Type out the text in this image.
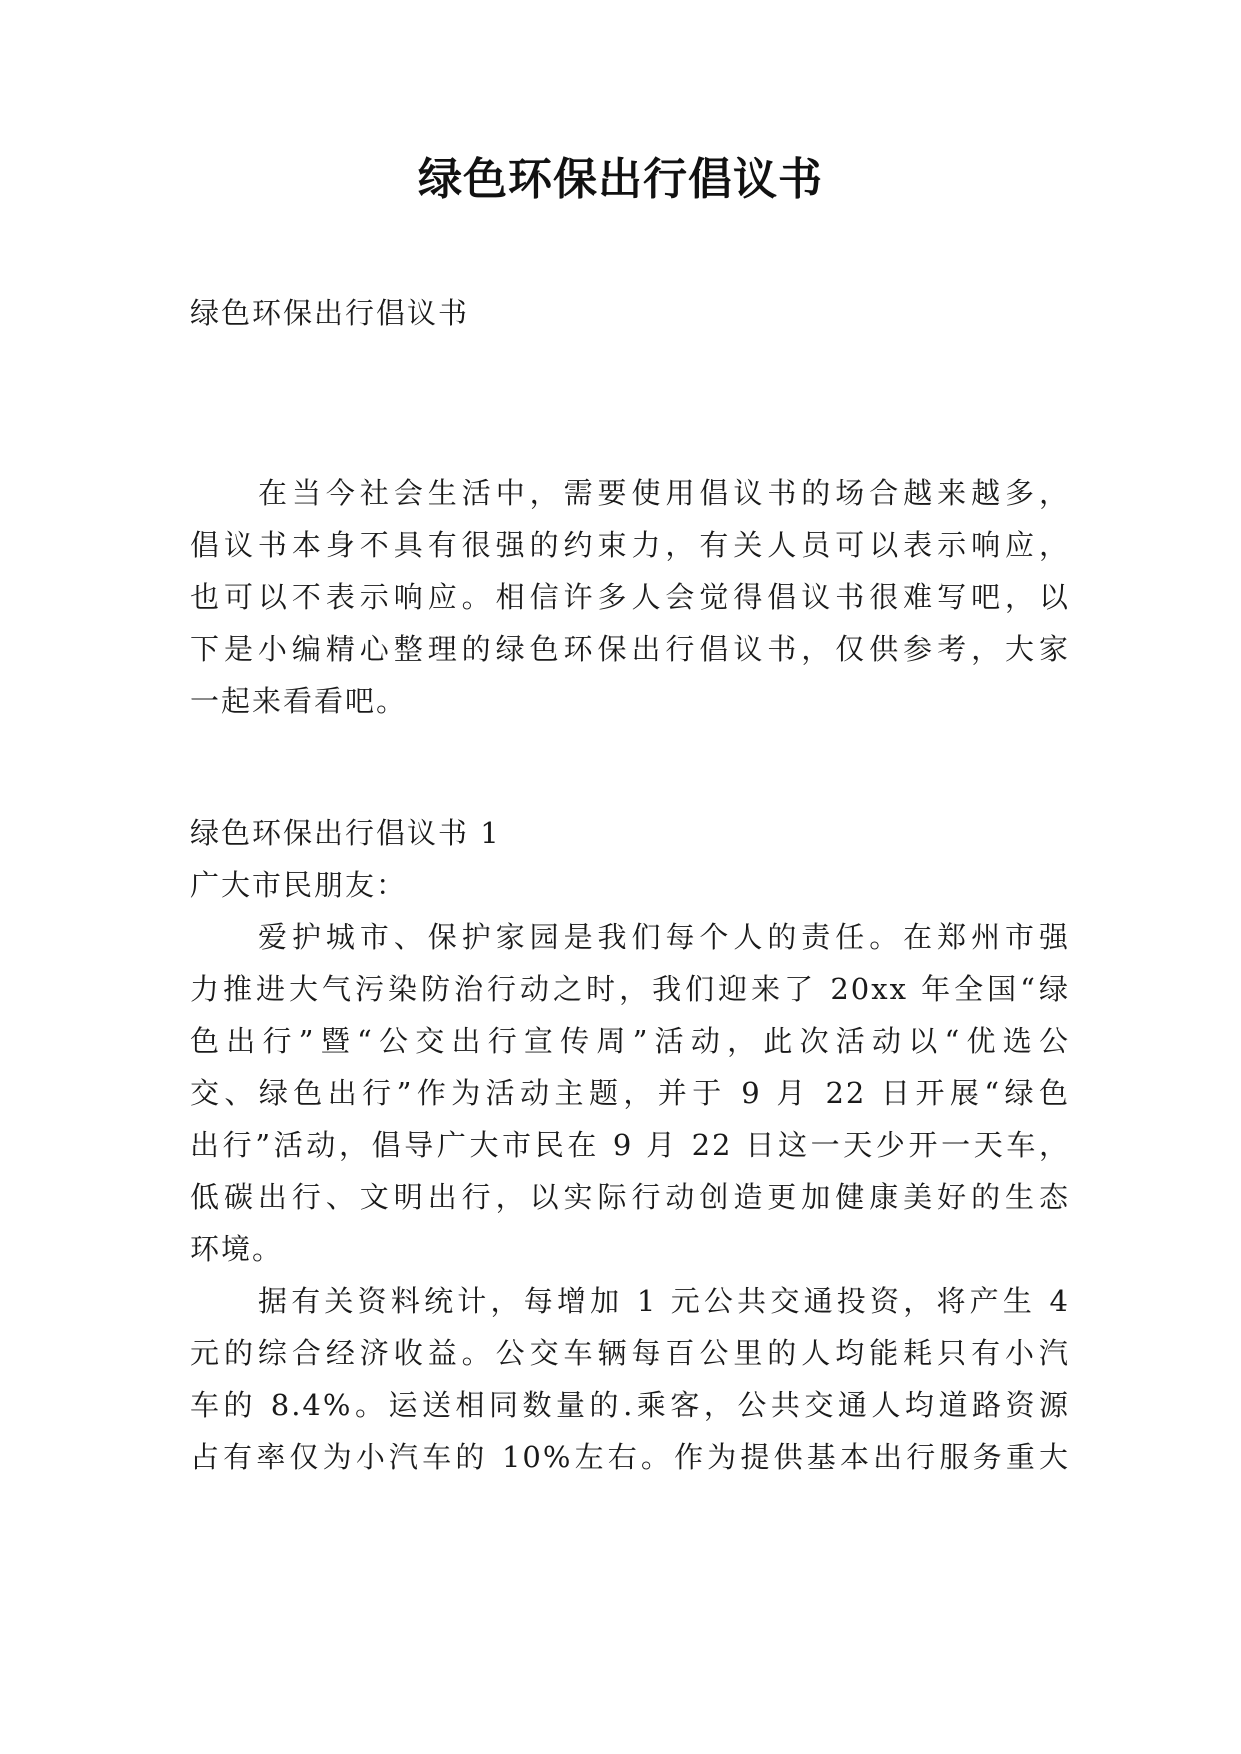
绿色环保出行倡议书
绿色环保出行倡议书
在当今社会生活中，需要使用倡议书的场合越来越多，
倡议书本身不具有很强的约束力，有关人员可以表示响应，
也可以不表示响应。相信许多人会觉得倡议书很难写吧，以
下是小编精心整理的绿色环保出行倡议书，仅供参考，大家
一起来看看吧。
绿色环保出行倡议书 1
广大市民朋友：
爱护城市、保护家园是我们每个人的责任。在郑州市强
力推进大气污染防治行动之时，我们迎来了 20xx 年全国“绿
色出行”暨“公交出行宣传周”活动，此次活动以“优选公
交、绿色出行”作为活动主题，并于 9 月 22 日开展“绿色
出行”活动，倡导广大市民在 9 月 22 日这一天少开一天车，
低碳出行、文明出行，以实际行动创造更加健康美好的生态
环境。
据有关资料统计，每增加 1 元公共交通投资，将产生 4
元的综合经济收益。公交车辆每百公里的人均能耗只有小汽
车的 8.4%。运送相同数量的.乘客，公共交通人均道路资源
占有率仅为小汽车的 10%左右。作为提供基本出行服务重大
